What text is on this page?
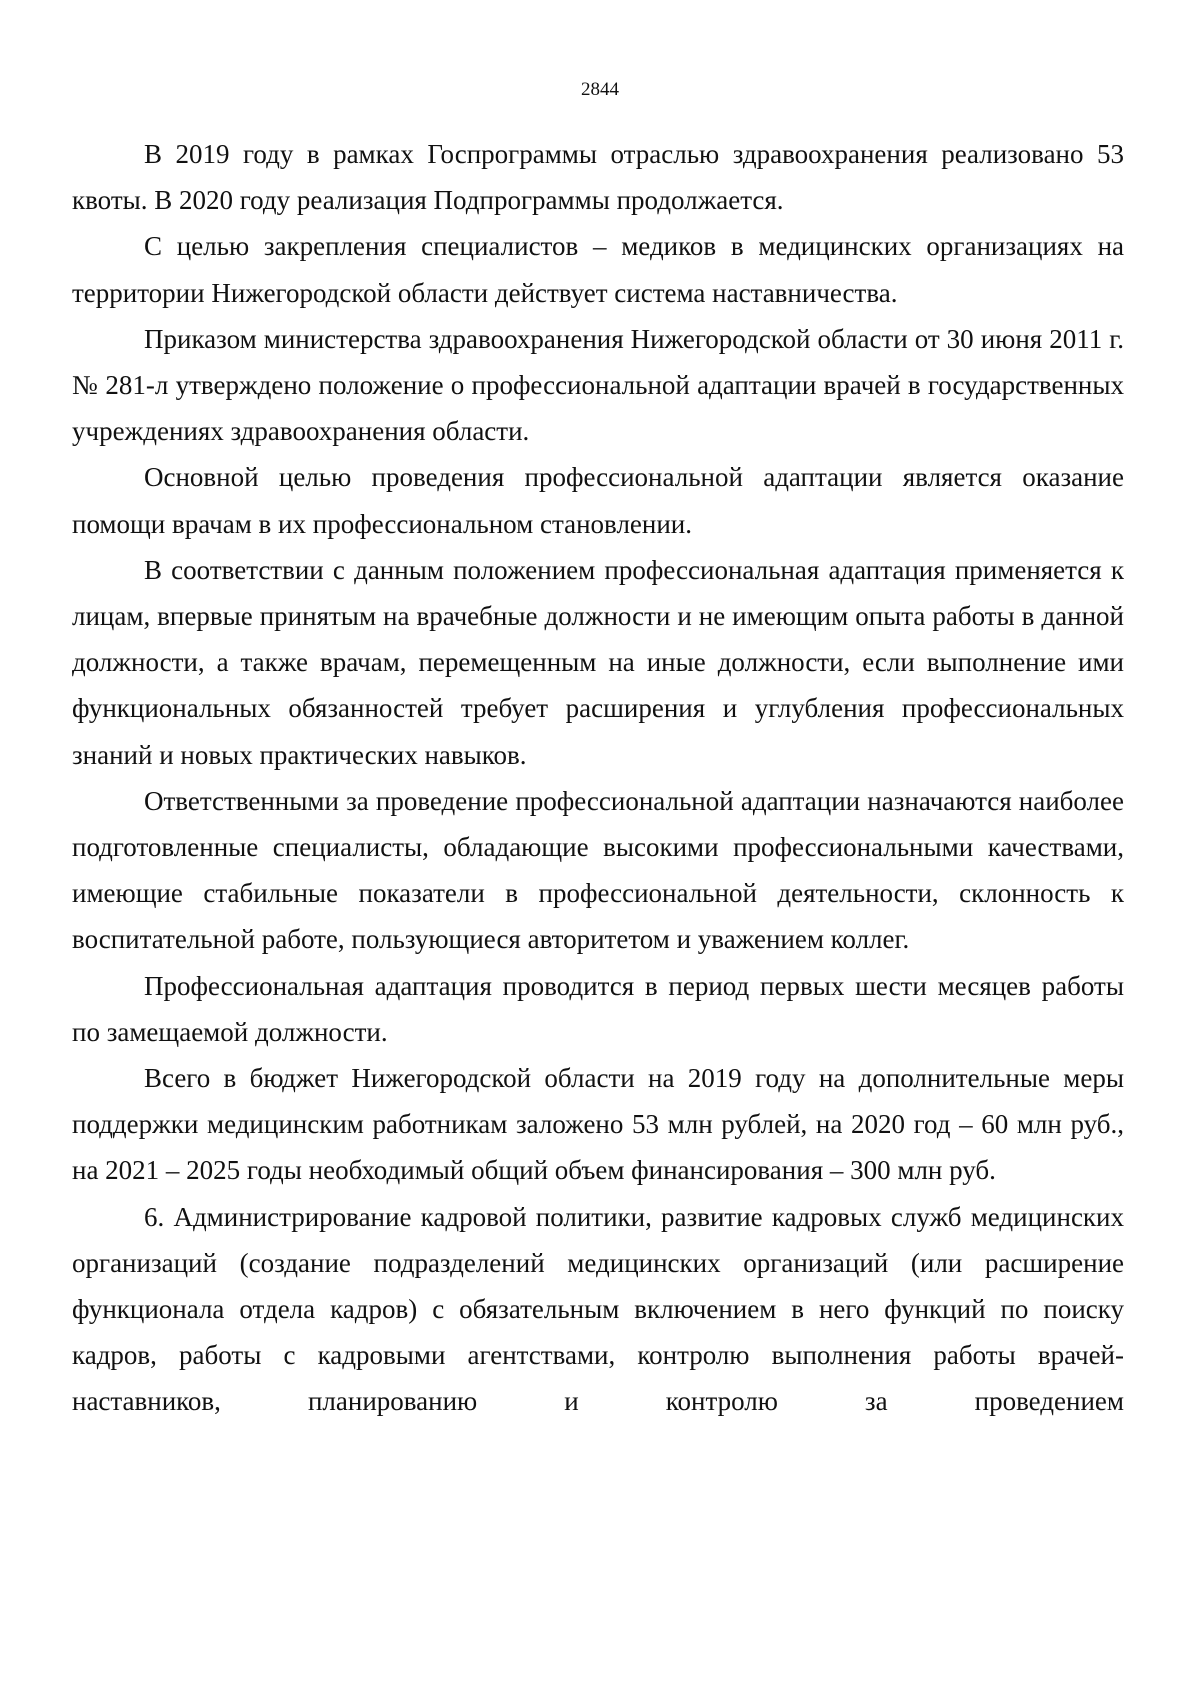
2844

В 2019 году в рамках Госпрограммы отраслью здравоохранения реализовано 53 квоты. В 2020 году реализация Подпрограммы продолжается.

С целью закрепления специалистов – медиков в медицинских организациях на территории Нижегородской области действует система наставничества.

Приказом министерства здравоохранения Нижегородской области от 30 июня 2011 г. № 281-л утверждено положение о профессиональной адаптации врачей в государственных учреждениях здравоохранения области.

Основной целью проведения профессиональной адаптации является оказание помощи врачам в их профессиональном становлении.

В соответствии с данным положением профессиональная адаптация применяется к лицам, впервые принятым на врачебные должности и не имеющим опыта работы в данной должности, а также врачам, перемещенным на иные должности, если выполнение ими функциональных обязанностей требует расширения и углубления профессиональных знаний и новых практических навыков.

Ответственными за проведение профессиональной адаптации назначаются наиболее подготовленные специалисты, обладающие высокими профессиональными качествами, имеющие стабильные показатели в профессиональной деятельности, склонность к воспитательной работе, пользующиеся авторитетом и уважением коллег.

Профессиональная адаптация проводится в период первых шести месяцев работы по замещаемой должности.

Всего в бюджет Нижегородской области на 2019 году на дополнительные меры поддержки медицинским работникам заложено 53 млн рублей, на 2020 год – 60 млн руб., на 2021 – 2025 годы необходимый общий объем финансирования – 300 млн руб.

6. Администрирование кадровой политики, развитие кадровых служб медицинских организаций (создание подразделений медицинских организаций (или расширение функционала отдела кадров) с обязательным включением в него функций по поиску кадров, работы с кадровыми агентствами, контролю выполнения работы врачей-наставников, планированию и контролю за проведением
